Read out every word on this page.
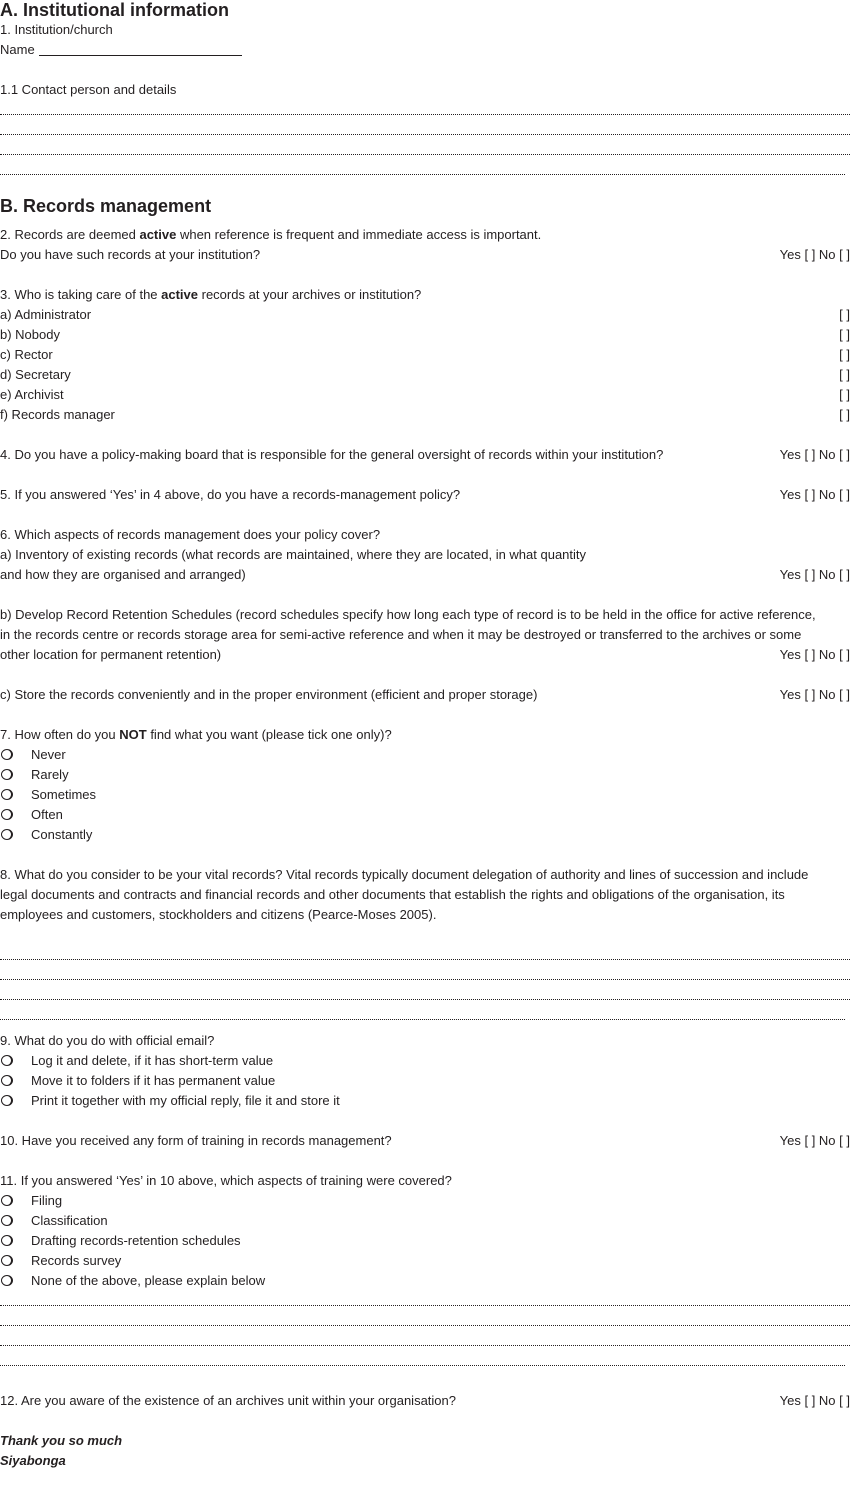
A. Institutional information
1. Institution/church
Name
1.1 Contact person and details
B. Records management
2. Records are deemed active when reference is frequent and immediate access is important.
Do you have such records at your institution?	Yes [ ] No [ ]
3. Who is taking care of the active records at your archives or institution?
a) Administrator	[ ]
b) Nobody	[ ]
c) Rector	[ ]
d) Secretary	[ ]
e) Archivist	[ ]
f) Records manager	[ ]
4. Do you have a policy-making board that is responsible for the general oversight of records within your institution?	Yes [ ] No [ ]
5. If you answered ‘Yes’ in 4 above, do you have a records-management policy?	Yes [ ] No [ ]
6. Which aspects of records management does your policy cover?
a) Inventory of existing records (what records are maintained, where they are located, in what quantity
and how they are organised and arranged)	Yes [ ] No [ ]
b) Develop Record Retention Schedules (record schedules specify how long each type of record is to be held in the office for active reference,
in the records centre or records storage area for semi-active reference and when it may be destroyed or transferred to the archives or some
other location for permanent retention)	Yes [ ] No [ ]
c) Store the records conveniently and in the proper environment (efficient and proper storage)	Yes [ ] No [ ]
7. How often do you NOT find what you want (please tick one only)?
Never
Rarely
Sometimes
Often
Constantly
8. What do you consider to be your vital records? Vital records typically document delegation of authority and lines of succession and include
legal documents and contracts and financial records and other documents that establish the rights and obligations of the organisation, its
employees and customers, stockholders and citizens (Pearce-Moses 2005).
9. What do you do with official email?
Log it and delete, if it has short-term value
Move it to folders if it has permanent value
Print it together with my official reply, file it and store it
10. Have you received any form of training in records management?	Yes [ ] No [ ]
11. If you answered ‘Yes’ in 10 above, which aspects of training were covered?
Filing
Classification
Drafting records-retention schedules
Records survey
None of the above, please explain below
12. Are you aware of the existence of an archives unit within your organisation?	Yes [ ] No [ ]
Thank you so much
Siyabonga
